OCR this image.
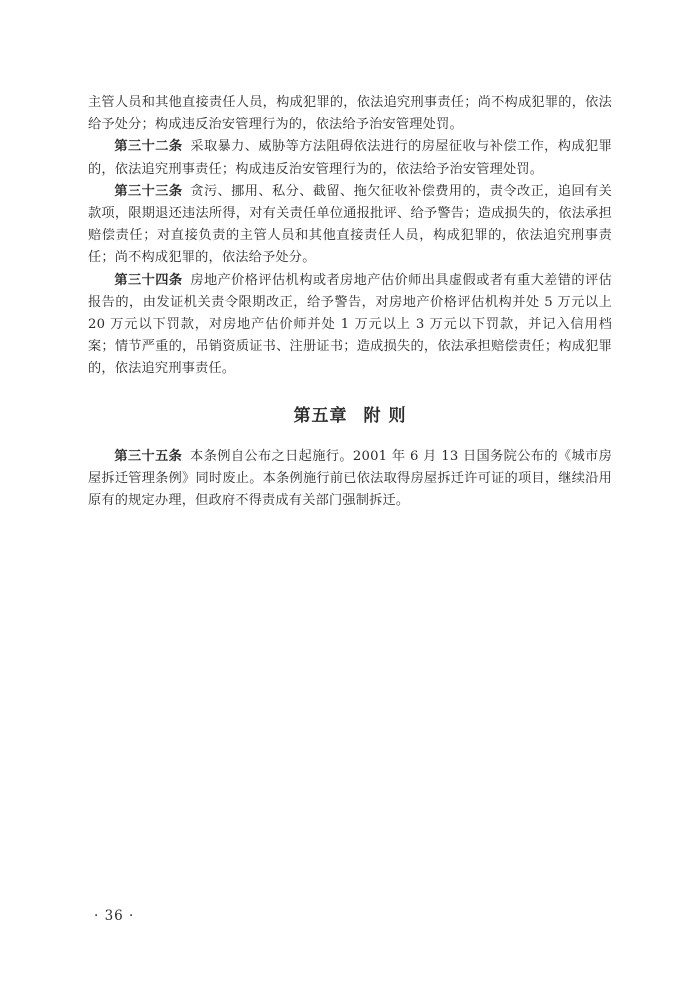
主管人员和其他直接责任人员，构成犯罪的，依法追究刑事责任；尚不构成犯罪的，依法给予处分；构成违反治安管理行为的，依法给予治安管理处罚。

第三十二条 采取暴力、威胁等方法阻碍依法进行的房屋征收与补偿工作，构成犯罪的，依法追究刑事责任；构成违反治安管理行为的，依法给予治安管理处罚。

第三十三条 贪污、挪用、私分、截留、拖欠征收补偿费用的，责令改正，追回有关款项，限期退还违法所得，对有关责任单位通报批评、给予警告；造成损失的，依法承担赔偿责任；对直接负责的主管人员和其他直接责任人员，构成犯罪的，依法追究刑事责任；尚不构成犯罪的，依法给予处分。

第三十四条 房地产价格评估机构或者房地产估价师出具虚假或者有重大差错的评估报告的，由发证机关责令限期改正，给予警告，对房地产价格评估机构并处 5 万元以上 20 万元以下罚款，对房地产估价师并处 1 万元以上 3 万元以下罚款，并记入信用档案；情节严重的，吊销资质证书、注册证书；造成损失的，依法承担赔偿责任；构成犯罪的，依法追究刑事责任。

第五章 附 则

第三十五条 本条例自公布之日起施行。2001 年 6 月 13 日国务院公布的《城市房屋拆迁管理条例》同时废止。本条例施行前已依法取得房屋拆迁许可证的项目，继续沿用原有的规定办理，但政府不得责成有关部门强制拆迁。

· 36 ·
